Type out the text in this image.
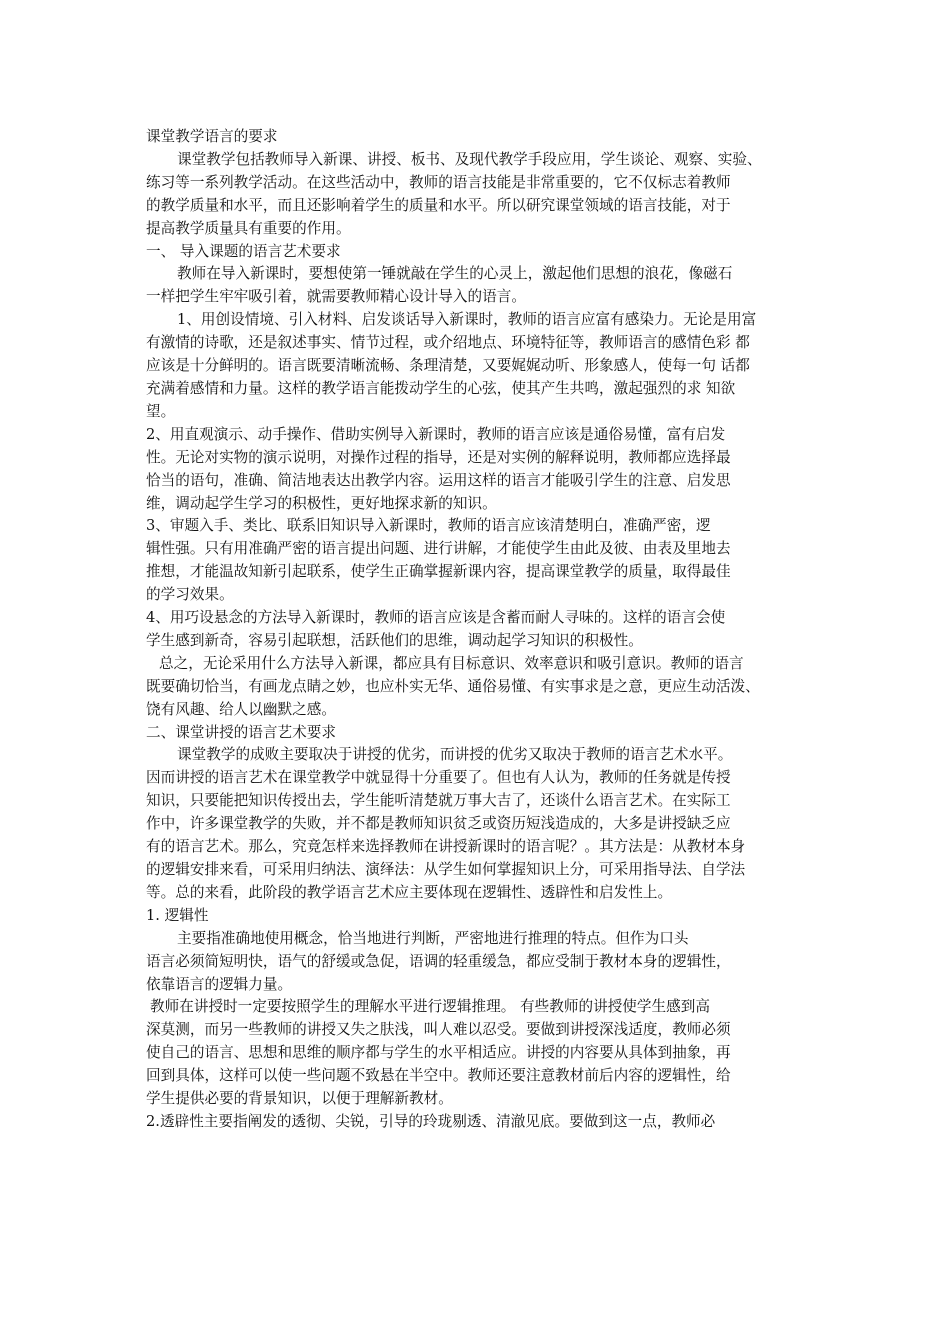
课堂教学语言的要求
课堂教学包括教师导入新课、讲授、板书、及现代教学手段应用，学生谈论、观察、实验、
练习等一系列教学活动。在这些活动中，教师的语言技能是非常重要的，它不仅标志着教师
的教学质量和水平，而且还影响着学生的质量和水平。所以研究课堂领域的语言技能，对于
提高教学质量具有重要的作用。
一、 导入课题的语言艺术要求
教师在导入新课时，要想使第一锤就敲在学生的心灵上，激起他们思想的浪花，像磁石
一样把学生牢牢吸引着，就需要教师精心设计导入的语言。
1、用创设情境、引入材料、启发谈话导入新课时，教师的语言应富有感染力。无论是用富
有激情的诗歌，还是叙述事实、情节过程，或介绍地点、环境特征等，教师语言的感情色彩 都
应该是十分鲜明的。语言既要清晰流畅、条理清楚，又要娓娓动听、形象感人，使每一句 话都
充满着感情和力量。这样的教学语言能拨动学生的心弦，使其产生共鸣，激起强烈的求 知欲
望。
2、用直观演示、动手操作、借助实例导入新课时，教师的语言应该是通俗易懂，富有启发
性。无论对实物的演示说明，对操作过程的指导，还是对实例的解释说明，教师都应选择最
恰当的语句，准确、简洁地表达出教学内容。运用这样的语言才能吸引学生的注意、启发思
维，调动起学生学习的积极性，更好地探求新的知识。
3、审题入手、类比、联系旧知识导入新课时，教师的语言应该清楚明白，准确严密，逻
辑性强。只有用准确严密的语言提出问题、进行讲解，才能使学生由此及彼、由表及里地去
推想，才能温故知新引起联系，使学生正确掌握新课内容，提高课堂教学的质量，取得最佳
的学习效果。
4、用巧设悬念的方法导入新课时，教师的语言应该是含蓄而耐人寻味的。这样的语言会使
学生感到新奇，容易引起联想，活跃他们的思维，调动起学习知识的积极性。
总之，无论采用什么方法导入新课，都应具有目标意识、效率意识和吸引意识。教师的语言
既要确切恰当，有画龙点睛之妙，也应朴实无华、通俗易懂、有实事求是之意，更应生动活泼、
饶有风趣、给人以幽默之感。
二、课堂讲授的语言艺术要求
课堂教学的成败主要取决于讲授的优劣，而讲授的优劣又取决于教师的语言艺术水平。
因而讲授的语言艺术在课堂教学中就显得十分重要了。但也有人认为，教师的任务就是传授
知识，只要能把知识传授出去，学生能听清楚就万事大吉了，还谈什么语言艺术。在实际工
作中，许多课堂教学的失败，并不都是教师知识贫乏或资历短浅造成的，大多是讲授缺乏应
有的语言艺术。那么，究竟怎样来选择教师在讲授新课时的语言呢？。其方法是：从教材本身
的逻辑安排来看，可采用归纳法、演绎法：从学生如何掌握知识上分，可采用指导法、自学法
等。总的来看，此阶段的教学语言艺术应主要体现在逻辑性、透辟性和启发性上。
1. 逻辑性
主要指准确地使用概念，恰当地进行判断，严密地进行推理的特点。但作为口头
语言必须简短明快，语气的舒缓或急促，语调的轻重缓急，都应受制于教材本身的逻辑性，
依靠语言的逻辑力量。
教师在讲授时一定要按照学生的理解水平进行逻辑推理。 有些教师的讲授使学生感到高
深莫测，而另一些教师的讲授又失之肤浅，叫人难以忍受。要做到讲授深浅适度，教师必须
使自己的语言、思想和思维的顺序都与学生的水平相适应。讲授的内容要从具体到抽象，再
回到具体，这样可以使一些问题不致悬在半空中。教师还要注意教材前后内容的逻辑性，给
学生提供必要的背景知识，以便于理解新教材。
2.透辟性主要指阐发的透彻、尖锐，引导的玲珑剔透、清澈见底。要做到这一点，教师必
